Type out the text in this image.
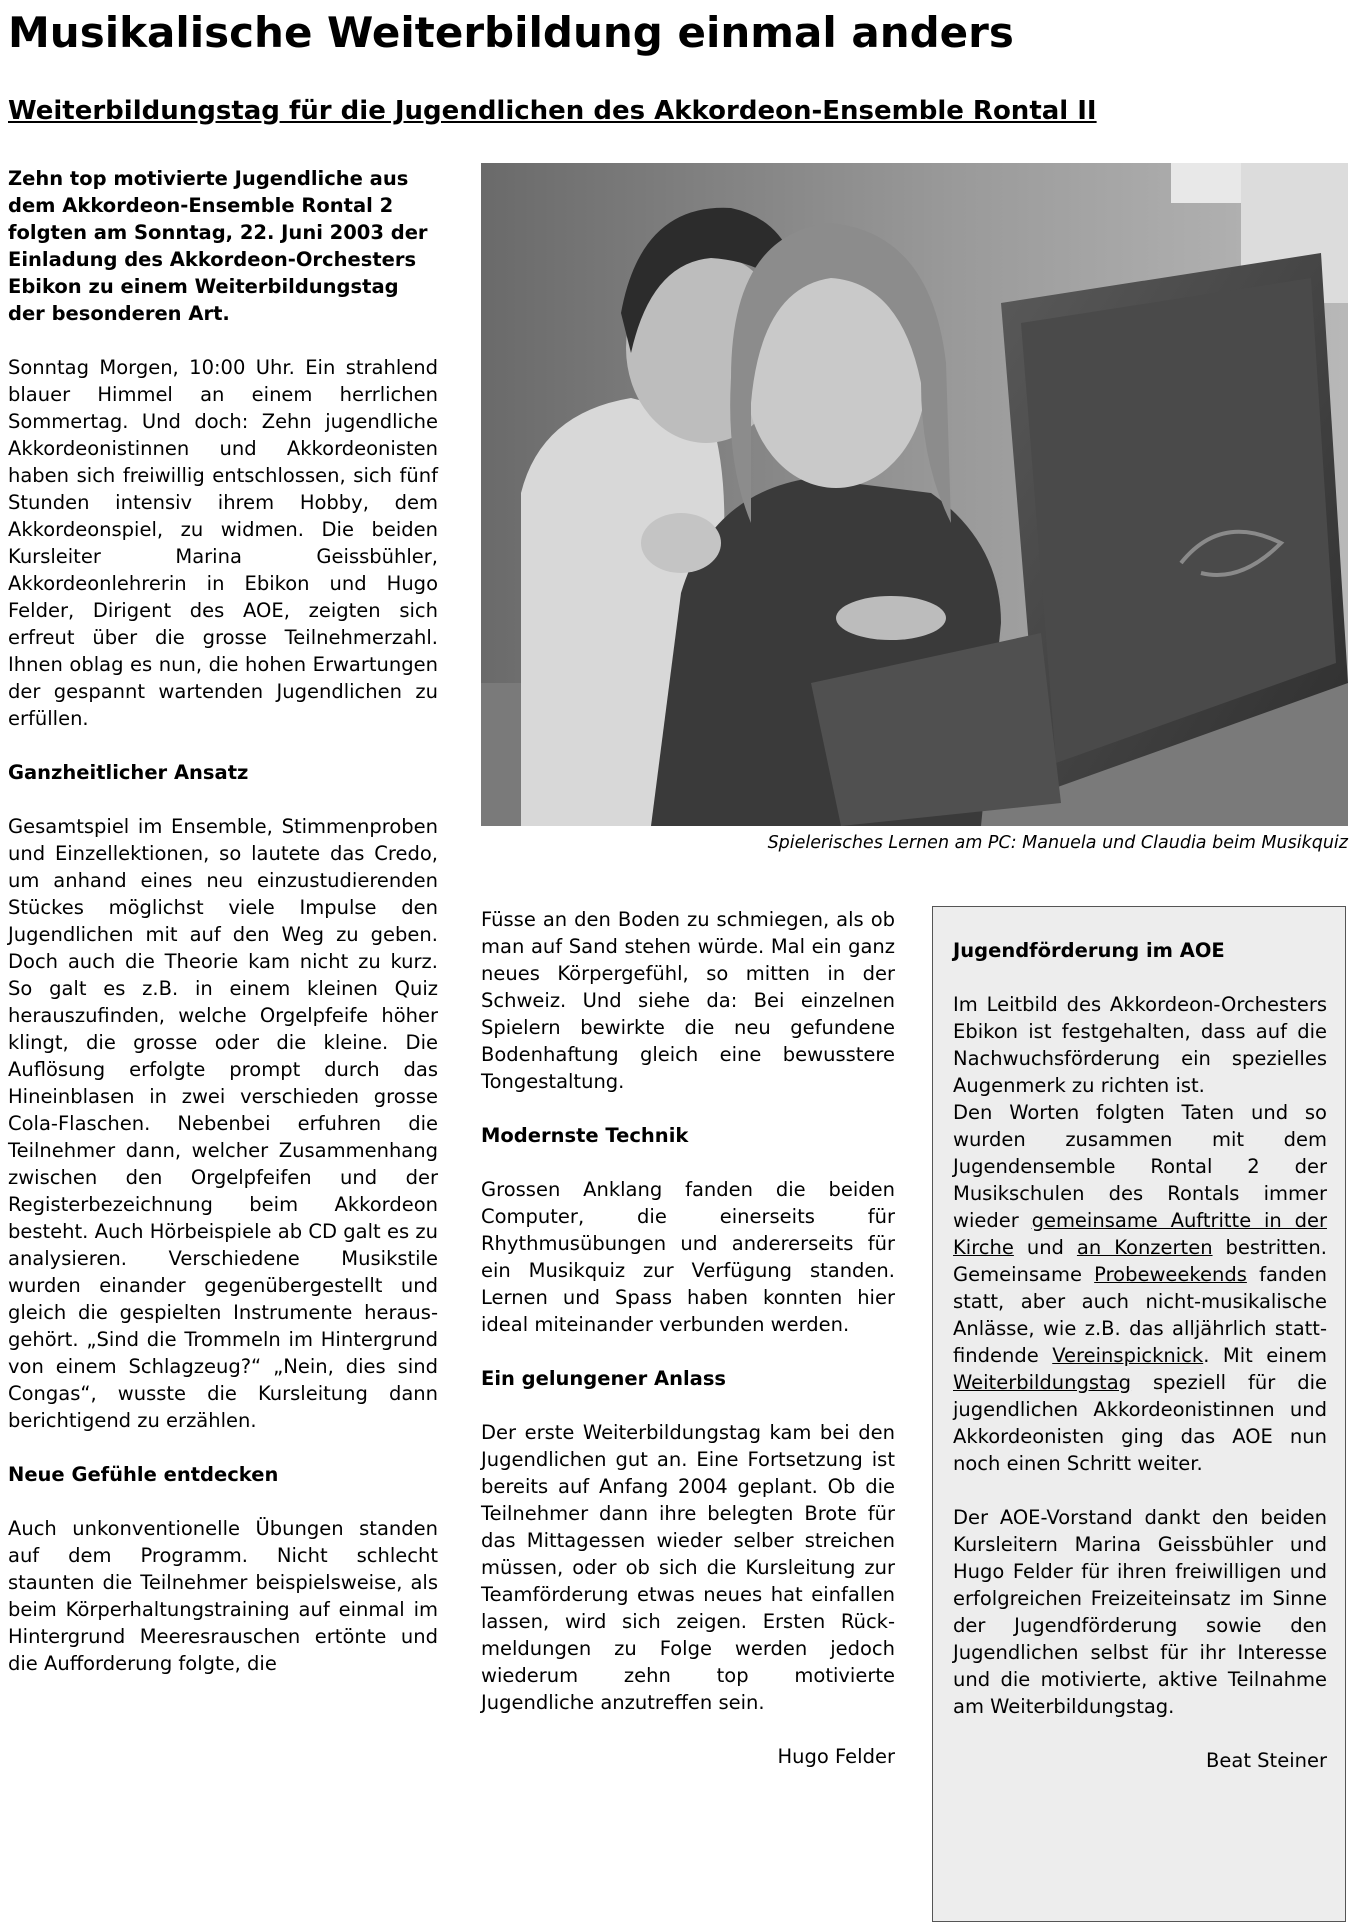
Musikalische Weiterbildung einmal anders
Weiterbildungstag für die Jugendlichen des Akkordeon-Ensemble Rontal II

Zehn top motivierte Jugendliche aus dem Akkordeon-Ensemble Rontal 2 folgten am Sonntag, 22. Juni 2003 der Einladung des Akkordeon-Orchesters Ebikon zu einem Weiterbildungstag der besonderen Art.

Sonntag Morgen, 10:00 Uhr. Ein strahlend blauer Himmel an einem herrlichen Sommertag. Und doch: Zehn jugendliche Akkordeonistinnen und Akkordeonisten haben sich freiwillig entschlossen, sich fünf Stunden intensiv ihrem Hobby, dem Akkordeonspiel, zu widmen. Die beiden Kursleiter Marina Geissbühler, Akkordeonlehrerin in Ebikon und Hugo Felder, Dirigent des AOE, zeigten sich erfreut über die grosse Teilnehmerzahl. Ihnen oblag es nun, die hohen Erwartungen der gespannt wartenden Jugendlichen zu erfüllen.

Ganzheitlicher Ansatz

Gesamtspiel im Ensemble, Stimmenproben und Einzellektionen, so lautete das Credo, um anhand eines neu einzustudierenden Stückes möglichst viele Impulse den Jugendlichen mit auf den Weg zu geben. Doch auch die Theorie kam nicht zu kurz. So galt es z.B. in einem kleinen Quiz herauszufinden, welche Orgelpfeife höher klingt, die grosse oder die kleine. Die Auflösung erfolgte prompt durch das Hineinblasen in zwei verschieden grosse Cola-Flaschen. Nebenbei erfuhren die Teilnehmer dann, welcher Zusammenhang zwischen den Orgelpfeifen und der Registerbezeichnung beim Akkordeon besteht. Auch Hörbeispiele ab CD galt es zu analysieren. Verschiedene Musikstile wurden einander gegenübergestellt und gleich die gespielten Instrumente herausgehört. „Sind die Trommeln im Hintergrund von einem Schlagzeug?“ „Nein, dies sind Congas“, wusste die Kursleitung dann berichtigend zu erzählen.

Neue Gefühle entdecken

Auch unkonventionelle Übungen standen auf dem Programm. Nicht schlecht staunten die Teilnehmer beispielsweise, als beim Körperhaltungstraining auf einmal im Hintergrund Meeresrauschen ertönte und die Aufforderung folgte, die

Spielerisches Lernen am PC: Manuela und Claudia beim Musikquiz

Füsse an den Boden zu schmiegen, als ob man auf Sand stehen würde. Mal ein ganz neues Körpergefühl, so mitten in der Schweiz. Und siehe da: Bei einzelnen Spielern bewirkte die neu gefundene Bodenhaftung gleich eine bewusstere Tongestaltung.

Modernste Technik

Grossen Anklang fanden die beiden Computer, die einerseits für Rhythmusübungen und andererseits für ein Musikquiz zur Verfügung standen. Lernen und Spass haben konnten hier ideal miteinander verbunden werden.

Ein gelungener Anlass

Der erste Weiterbildungstag kam bei den Jugendlichen gut an. Eine Fortsetzung ist bereits auf Anfang 2004 geplant. Ob die Teilnehmer dann ihre belegten Brote für das Mittagessen wieder selber streichen müssen, oder ob sich die Kursleitung zur Teamförderung etwas neues hat einfallen lassen, wird sich zeigen. Ersten Rückmeldungen zu Folge werden jedoch wiederum zehn top motivierte Jugendliche anzutreffen sein.

Hugo Felder

Jugendförderung im AOE

Im Leitbild des Akkordeon-Orchesters Ebikon ist festgehalten, dass auf die Nachwuchsförderung ein spezielles Augenmerk zu richten ist.

Den Worten folgten Taten und so wurden zusammen mit dem Jugendensemble Rontal 2 der Musikschulen des Rontals immer wieder gemeinsame Auftritte in der Kirche und an Konzerten bestritten. Gemeinsame Probeweekends fanden statt, aber auch nicht-musikalische Anlässe, wie z.B. das alljährlich stattfindende Vereinspicknick. Mit einem Weiterbildungstag speziell für die jugendlichen Akkordeonistinnen und Akkordeonisten ging das AOE nun noch einen Schritt weiter.

Der AOE-Vorstand dankt den beiden Kursleitern Marina Geissbühler und Hugo Felder für ihren freiwilligen und erfolgreichen Freizeiteinsatz im Sinne der Jugendförderung sowie den Jugendlichen selbst für ihr Interesse und die motivierte, aktive Teilnahme am Weiterbildungstag.

Beat Steiner
